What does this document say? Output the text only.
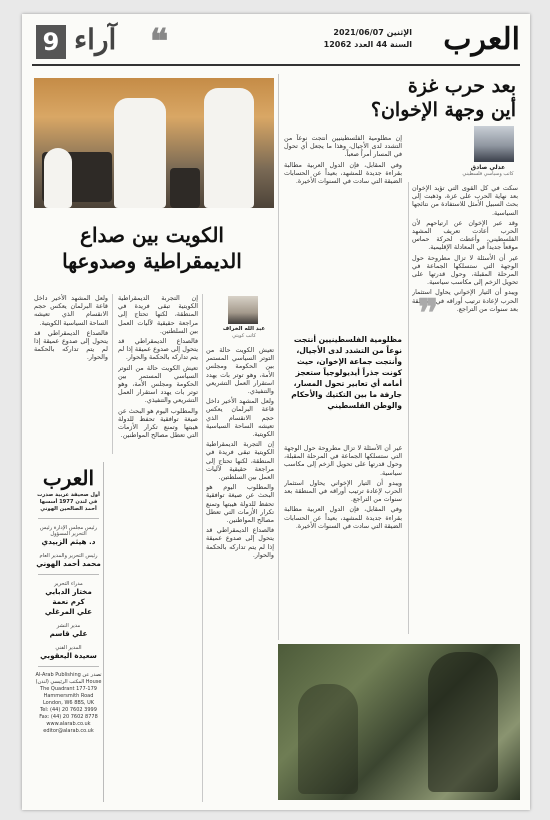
9 آراء ❝	الإثنين 2021/06/07
السنة 44 العدد 12062 العرب
بعد حرب غزة
أين وجهة الإخوان؟
عدلي صادق
كاتب وسياسي فلسطيني

سكت في كل القوى التي تؤيد الإخوان بعد نهاية الحرب على غزة، وذهبت إلى بحث السبيل الأمثل للاستفادة من نتائجها السياسية.

وقد عبر الإخوان عن ارتياحهم لأن الحرب أعادت تعريف المشهد الفلسطيني، وأعطت لحركة حماس موقعاً جديداً في المعادلة الإقليمية.

غير أن الأسئلة لا تزال مطروحة حول الوجهة التي ستسلكها الجماعة في المرحلة المقبلة، وحول قدرتها على تحويل الزخم إلى مكاسب سياسية.

ويبدو أن التيار الإخواني يحاول استثمار الحرب لإعادة ترتيب أوراقه في المنطقة بعد سنوات من التراجع.

إن مظلومية الفلسطينيين أنتجت نوعاً من التشدد لدى الأجيال، وهذا ما يجعل أي تحول في المسار أمراً صعباً.

وفي المقابل، فإن الدول العربية مطالبة بقراءة جديدة للمشهد، بعيداً عن الحسابات الضيقة التي سادت في السنوات الأخيرة.

❞
مظلومية الفلسطينيين أنتجت نوعاً من التشدد لدى الأجيال، وأنتجت جماعة الإخوان، حيث كونت جذراً أيديولوجياً ستعجز أمامه أي تعابير تحول المسار، جارفة ما بين التكتيك والأحكام والوطن الفلسطيني

غير أن الأسئلة لا تزال مطروحة حول الوجهة التي ستسلكها الجماعة في المرحلة المقبلة، وحول قدرتها على تحويل الزخم إلى مكاسب سياسية.

ويبدو أن التيار الإخواني يحاول استثمار الحرب لإعادة ترتيب أوراقه في المنطقة بعد سنوات من التراجع.

وفي المقابل، فإن الدول العربية مطالبة بقراءة جديدة للمشهد، بعيداً عن الحسابات الضيقة التي سادت في السنوات الأخيرة.

الكويت بين صداع
الديمقراطية وصدوعها
عبد الله الخراف
كاتب كويتي

تعيش الكويت حالة من التوتر السياسي المستمر بين الحكومة ومجلس الأمة، وهو توتر بات يهدد استقرار العمل التشريعي والتنفيذي.

ولعل المشهد الأخير داخل قاعة البرلمان يعكس حجم الانقسام الذي تعيشه الساحة السياسية الكويتية.

إن التجربة الديمقراطية الكويتية تبقى فريدة في المنطقة، لكنها تحتاج إلى مراجعة حقيقية لآليات العمل بين السلطتين.

والمطلوب اليوم هو البحث عن صيغة توافقية تحفظ للدولة هيبتها وتمنع تكرار الأزمات التي تعطل مصالح المواطنين.

فالصداع الديمقراطي قد يتحول إلى صدوع عميقة إذا لم يتم تداركه بالحكمة والحوار.

إن التجربة الديمقراطية الكويتية تبقى فريدة في المنطقة، لكنها تحتاج إلى مراجعة حقيقية لآليات العمل بين السلطتين.

فالصداع الديمقراطي قد يتحول إلى صدوع عميقة إذا لم يتم تداركه بالحكمة والحوار.

تعيش الكويت حالة من التوتر السياسي المستمر بين الحكومة ومجلس الأمة، وهو توتر بات يهدد استقرار العمل التشريعي والتنفيذي.

والمطلوب اليوم هو البحث عن صيغة توافقية تحفظ للدولة هيبتها وتمنع تكرار الأزمات التي تعطل مصالح المواطنين.

ولعل المشهد الأخير داخل قاعة البرلمان يعكس حجم الانقسام الذي تعيشه الساحة السياسية الكويتية.

فالصداع الديمقراطي قد يتحول إلى صدوع عميقة إذا لم يتم تداركه بالحكمة والحوار.

العرب
أول صحيفة عربية صدرت في لندن 1977 أسسها أحمد الصالحين الهوني
رئيس مجلس الإدارة رئيس التحرير المسؤول
د. هيثم الزبيدي
رئيس التحرير والمدير العام
محمد أحمد الهوني
مدراء التحرير
مختار الدبابي
كرم نعمة
علي المرغلي
مدير النشر
علي قاسم
المدير الفني
سعيدة اليعقوبي
تصدر عن Al-Arab Publishing House المكتب الرئيسي (لندن) The Quadrant 177-179 Hammersmith Road London, W6 8BS, UK
Tel: (44) 20 7602 3999
Fax: (44) 20 7602 8778
www.alarab.co.uk
editor@alarab.co.uk
